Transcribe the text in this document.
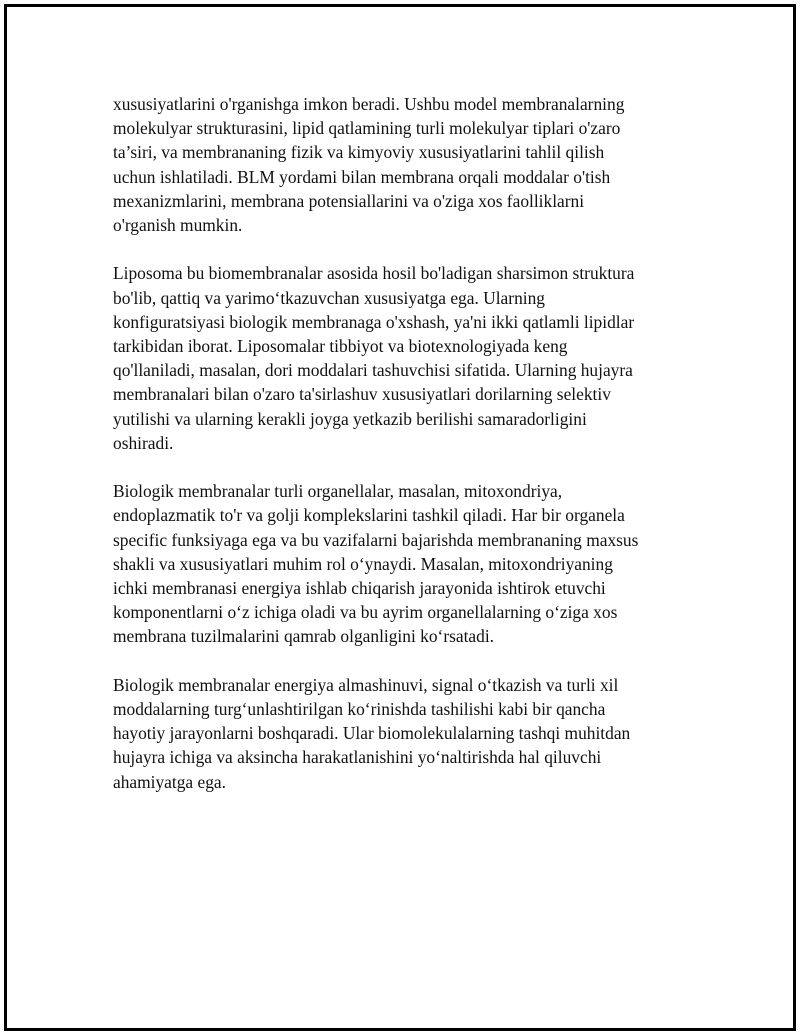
xususiyatlarini o'rganishga imkon beradi. Ushbu model membranalarning
molekulyar strukturasini, lipid qatlamining turli molekulyar tiplari o'zaro
ta’siri, va membrananing fizik va kimyoviy xususiyatlarini tahlil qilish
uchun ishlatiladi. BLM yordami bilan membrana orqali moddalar o'tish
mexanizmlarini, membrana potensiallarini va o'ziga xos faolliklarni
o'rganish mumkin.

Liposoma bu biomembranalar asosida hosil bo'ladigan sharsimon struktura
bo'lib, qattiq va yarimo‘tkazuvchan xususiyatga ega. Ularning
konfiguratsiyasi biologik membranaga o'xshash, ya'ni ikki qatlamli lipidlar
tarkibidan iborat. Liposomalar tibbiyot va biotexnologiyada keng
qo'llaniladi, masalan, dori moddalari tashuvchisi sifatida. Ularning hujayra
membranalari bilan o'zaro ta'sirlashuv xususiyatlari dorilarning selektiv
yutilishi va ularning kerakli joyga yetkazib berilishi samaradorligini
oshiradi.

Biologik membranalar turli organellalar, masalan, mitoxondriya,
endoplazmatik to'r va golji komplekslarini tashkil qiladi. Har bir organela
specific funksiyaga ega va bu vazifalarni bajarishda membrananing maxsus
shakli va xususiyatlari muhim rol o‘ynaydi. Masalan, mitoxondriyaning
ichki membranasi energiya ishlab chiqarish jarayonida ishtirok etuvchi
komponentlarni o‘z ichiga oladi va bu ayrim organellalarning o‘ziga xos
membrana tuzilmalarini qamrab olganligini ko‘rsatadi.

Biologik membranalar energiya almashinuvi, signal o‘tkazish va turli xil
moddalarning turg‘unlashtirilgan ko‘rinishda tashilishi kabi bir qancha
hayotiy jarayonlarni boshqaradi. Ular biomolekulalarning tashqi muhitdan
hujayra ichiga va aksincha harakatlanishini yo‘naltirishda hal qiluvchi
ahamiyatga ega.
